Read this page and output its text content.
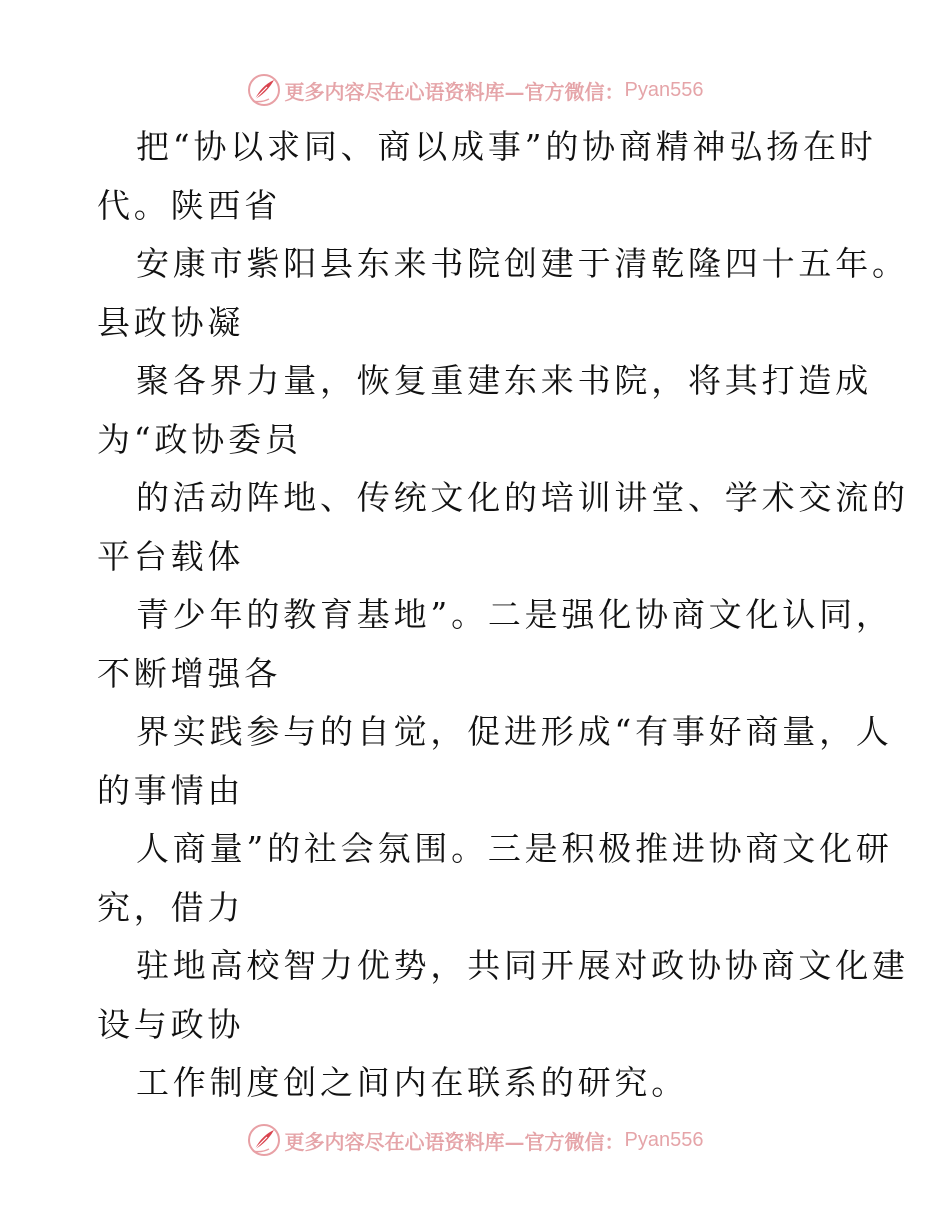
更多内容尽在心语资料库—官方微信： Pyan556
把“协以求同、商以成事”的协商精神弘扬在时
代。陕西省
安康市紫阳县东来书院创建于清乾隆四十五年。
县政协凝
聚各界力量，恢复重建东来书院，将其打造成
为“政协委员
的活动阵地、传统文化的培训讲堂、学术交流的
平台载体
青少年的教育基地”。二是强化协商文化认同，
不断增强各
界实践参与的自觉，促进形成“有事好商量，人
的事情由
人商量”的社会氛围。三是积极推进协商文化研
究，借力
驻地高校智力优势，共同开展对政协协商文化建
设与政协
工作制度创之间内在联系的研究。
更多内容尽在心语资料库—官方微信： Pyan556
